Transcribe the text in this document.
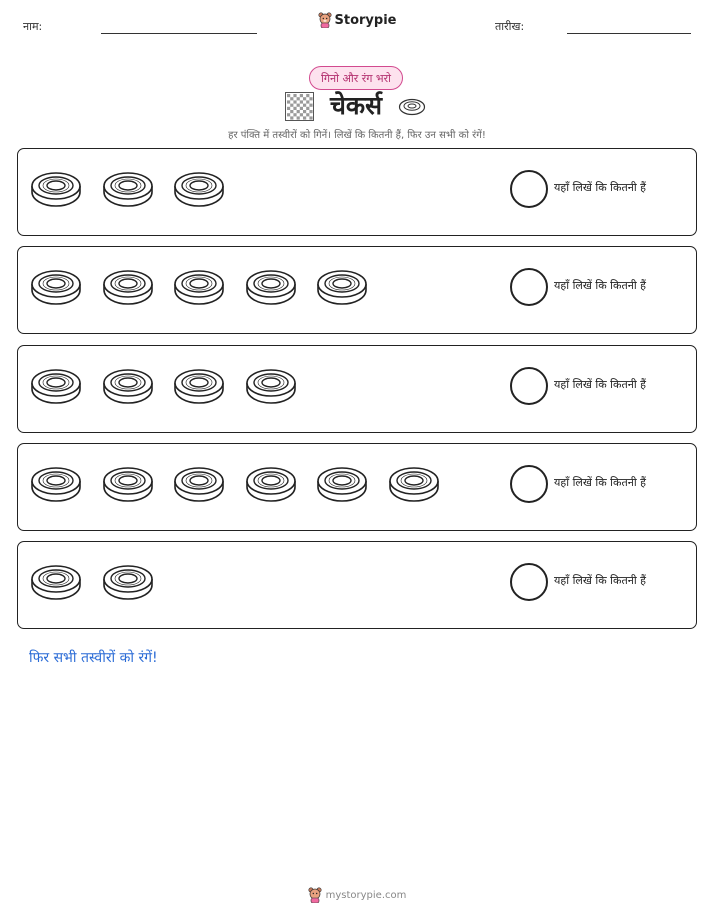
नाम:	Storypie	तारीख:
गिनो और रंग भरो
चेकर्स
हर पंक्ति में तस्वीरों को गिनें। लिखें कि कितनी हैं, फिर उन सभी को रंगें!
यहाँ लिखें कि कितनी हैं
यहाँ लिखें कि कितनी हैं
यहाँ लिखें कि कितनी हैं
यहाँ लिखें कि कितनी हैं
यहाँ लिखें कि कितनी हैं
फिर सभी तस्वीरों को रंगें!
mystorypie.com
